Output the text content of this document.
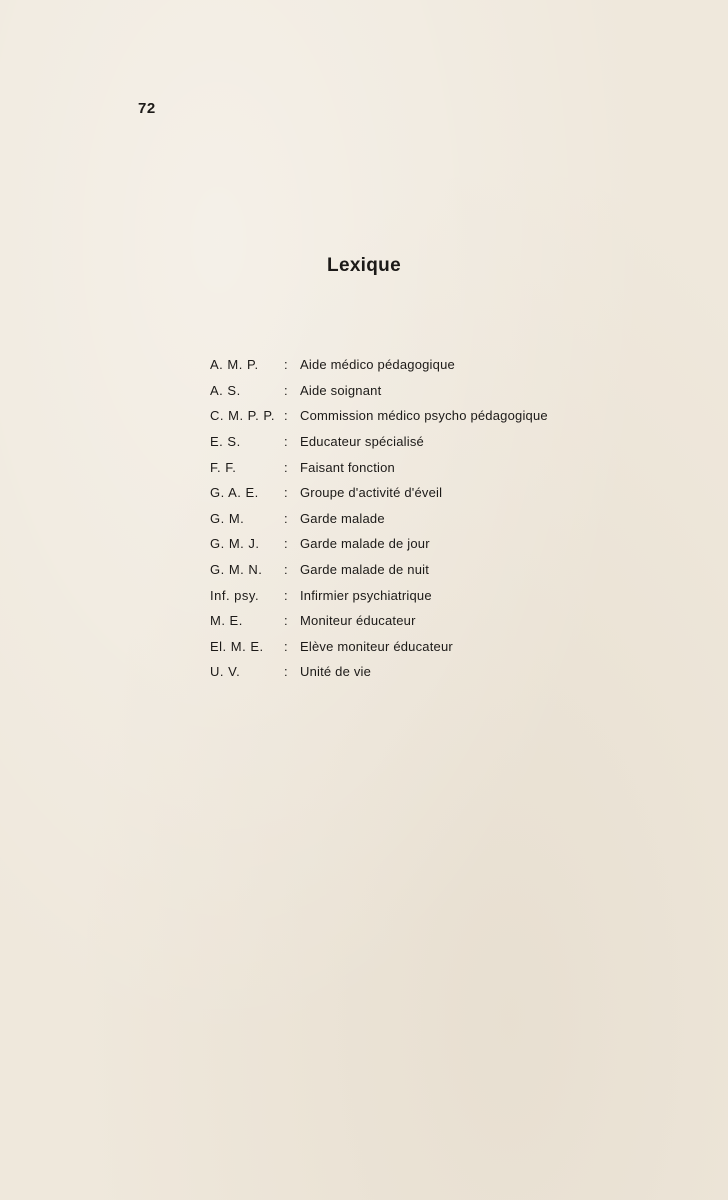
72
Lexique
A. M. P.	: Aide médico pédagogique
A. S.	: Aide soignant
C. M. P. P. : Commission médico psycho pédagogique
E. S.	: Educateur spécialisé
F. F.	: Faisant fonction
G. A. E.	: Groupe d'activité d'éveil
G. M.	: Garde malade
G. M. J.	: Garde malade de jour
G. M. N.	: Garde malade de nuit
Inf. psy.	: Infirmier psychiatrique
M. E.	: Moniteur éducateur
El. M. E.	: Elève moniteur éducateur
U. V.	: Unité de vie
